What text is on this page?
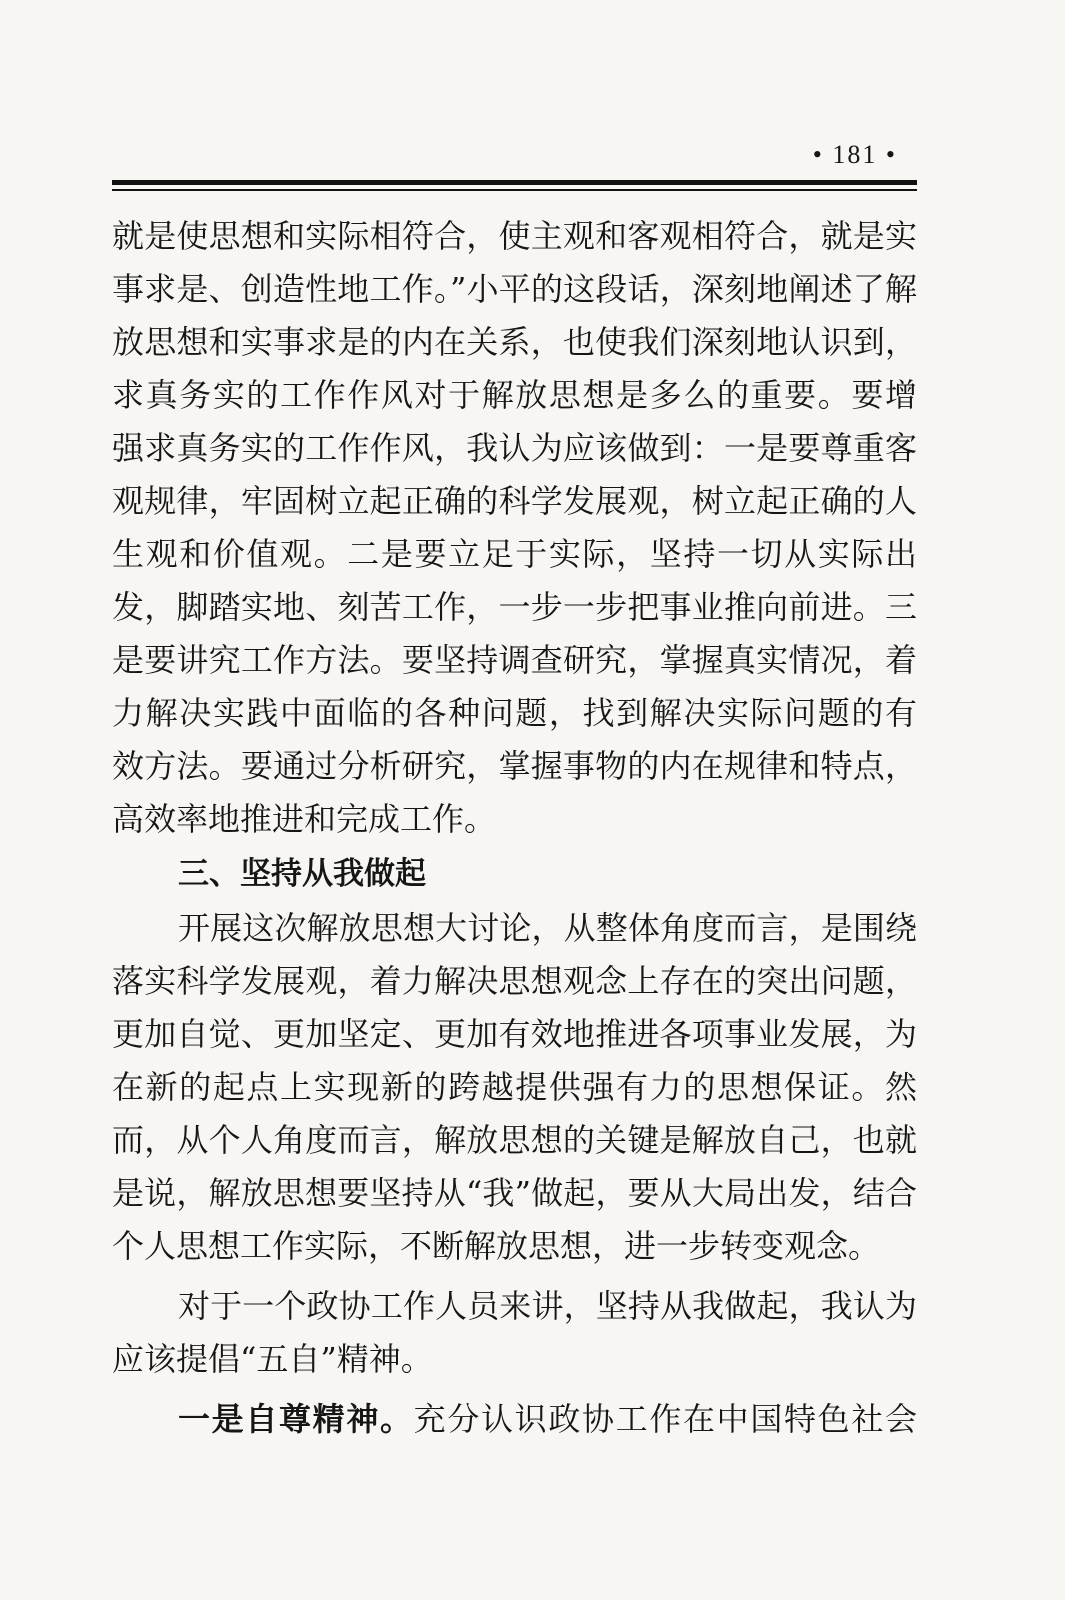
• 181 •
就是使思想和实际相符合，使主观和客观相符合，就是实
事求是、创造性地工作。”小平的这段话，深刻地阐述了解
放思想和实事求是的内在关系，也使我们深刻地认识到，
求真务实的工作作风对于解放思想是多么的重要。要增
强求真务实的工作作风，我认为应该做到：一是要尊重客
观规律，牢固树立起正确的科学发展观，树立起正确的人
生观和价值观。二是要立足于实际，坚持一切从实际出
发，脚踏实地、刻苦工作，一步一步把事业推向前进。三
是要讲究工作方法。要坚持调查研究，掌握真实情况，着
力解决实践中面临的各种问题，找到解决实际问题的有
效方法。要通过分析研究，掌握事物的内在规律和特点，
高效率地推进和完成工作。
三、坚持从我做起
开展这次解放思想大讨论，从整体角度而言，是围绕
落实科学发展观，着力解决思想观念上存在的突出问题，
更加自觉、更加坚定、更加有效地推进各项事业发展，为
在新的起点上实现新的跨越提供强有力的思想保证。然
而，从个人角度而言，解放思想的关键是解放自己，也就
是说，解放思想要坚持从“我”做起，要从大局出发，结合
个人思想工作实际，不断解放思想，进一步转变观念。
对于一个政协工作人员来讲，坚持从我做起，我认为
应该提倡“五自”精神。
一是自尊精神。充分认识政协工作在中国特色社会
